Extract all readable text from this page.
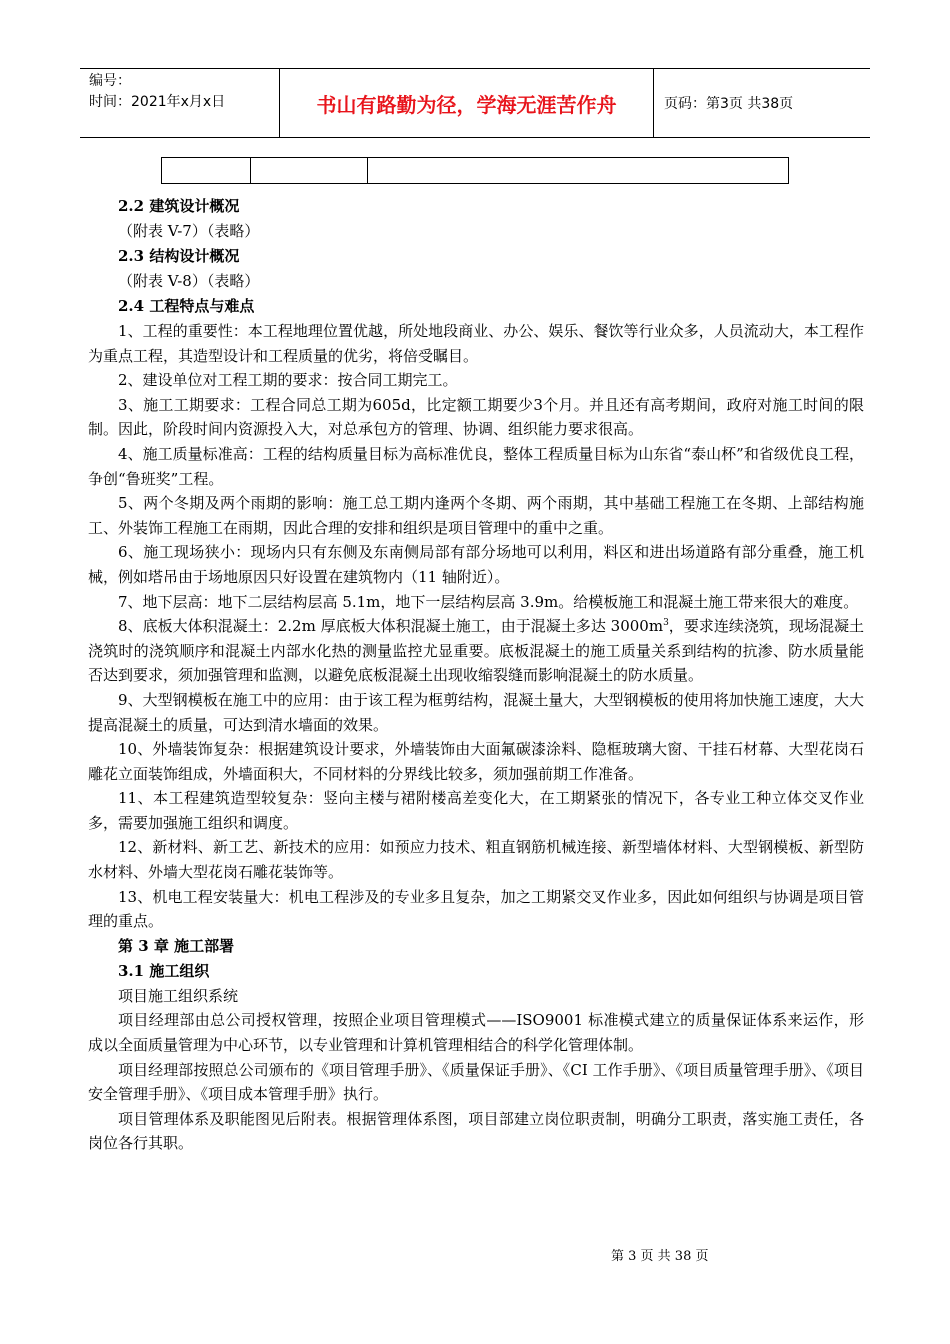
编号：
时间：2021年x月x日	书山有路勤为径，学海无涯苦作舟	页码：第3页 共38页

2.2 建筑设计概况
（附表 V-7）（表略）
2.3 结构设计概况
（附表 V-8）（表略）
2.4 工程特点与难点

1、工程的重要性：本工程地理位置优越，所处地段商业、办公、娱乐、餐饮等行业众多，人员流动大，本工程作为重点工程，其造型设计和工程质量的优劣，将倍受瞩目。

2、建设单位对工程工期的要求：按合同工期完工。

3、施工工期要求：工程合同总工期为605d，比定额工期要少3个月。并且还有高考期间，政府对施工时间的限制。因此，阶段时间内资源投入大，对总承包方的管理、协调、组织能力要求很高。

4、施工质量标准高：工程的结构质量目标为高标准优良，整体工程质量目标为山东省“泰山杯”和省级优良工程，争创“鲁班奖”工程。

5、两个冬期及两个雨期的影响：施工总工期内逢两个冬期、两个雨期，其中基础工程施工在冬期、上部结构施工、外装饰工程施工在雨期，因此合理的安排和组织是项目管理中的重中之重。

6、施工现场狭小：现场内只有东侧及东南侧局部有部分场地可以利用，料区和进出场道路有部分重叠，施工机械，例如塔吊由于场地原因只好设置在建筑物内（11 轴附近）。

7、地下层高：地下二层结构层高 5.1m，地下一层结构层高 3.9m。给模板施工和混凝土施工带来很大的难度。

8、底板大体积混凝土：2.2m 厚底板大体积混凝土施工，由于混凝土多达 $3000m^3$，要求连续浇筑，现场混凝土浇筑时的浇筑顺序和混凝土内部水化热的测量监控尤显重要。底板混凝土的施工质量关系到结构的抗渗、防水质量能否达到要求，须加强管理和监测，以避免底板混凝土出现收缩裂缝而影响混凝土的防水质量。

9、大型钢模板在施工中的应用：由于该工程为框剪结构，混凝土量大，大型钢模板的使用将加快施工速度，大大提高混凝土的质量，可达到清水墙面的效果。

10、外墙装饰复杂：根据建筑设计要求，外墙装饰由大面氟碳漆涂料、隐框玻璃大窗、干挂石材幕、大型花岗石雕花立面装饰组成，外墙面积大，不同材料的分界线比较多，须加强前期工作准备。

11、本工程建筑造型较复杂：竖向主楼与裙附楼高差变化大，在工期紧张的情况下，各专业工种立体交叉作业多，需要加强施工组织和调度。

12、新材料、新工艺、新技术的应用：如预应力技术、粗直钢筋机械连接、新型墙体材料、大型钢模板、新型防水材料、外墙大型花岗石雕花装饰等。

13、机电工程安装量大：机电工程涉及的专业多且复杂，加之工期紧交叉作业多，因此如何组织与协调是项目管理的重点。

第 3 章 施工部署
3.1 施工组织

项目施工组织系统

项目经理部由总公司授权管理，按照企业项目管理模式——ISO9001 标准模式建立的质量保证体系来运作，形成以全面质量管理为中心环节，以专业管理和计算机管理相结合的科学化管理体制。

项目经理部按照总公司颁布的《项目管理手册》、《质量保证手册》、《CI 工作手册》、《项目质量管理手册》、《项目安全管理手册》、《项目成本管理手册》执行。

项目管理体系及职能图见后附表。根据管理体系图，项目部建立岗位职责制，明确分工职责，落实施工责任，各岗位各行其职。

第 3 页 共 38 页
